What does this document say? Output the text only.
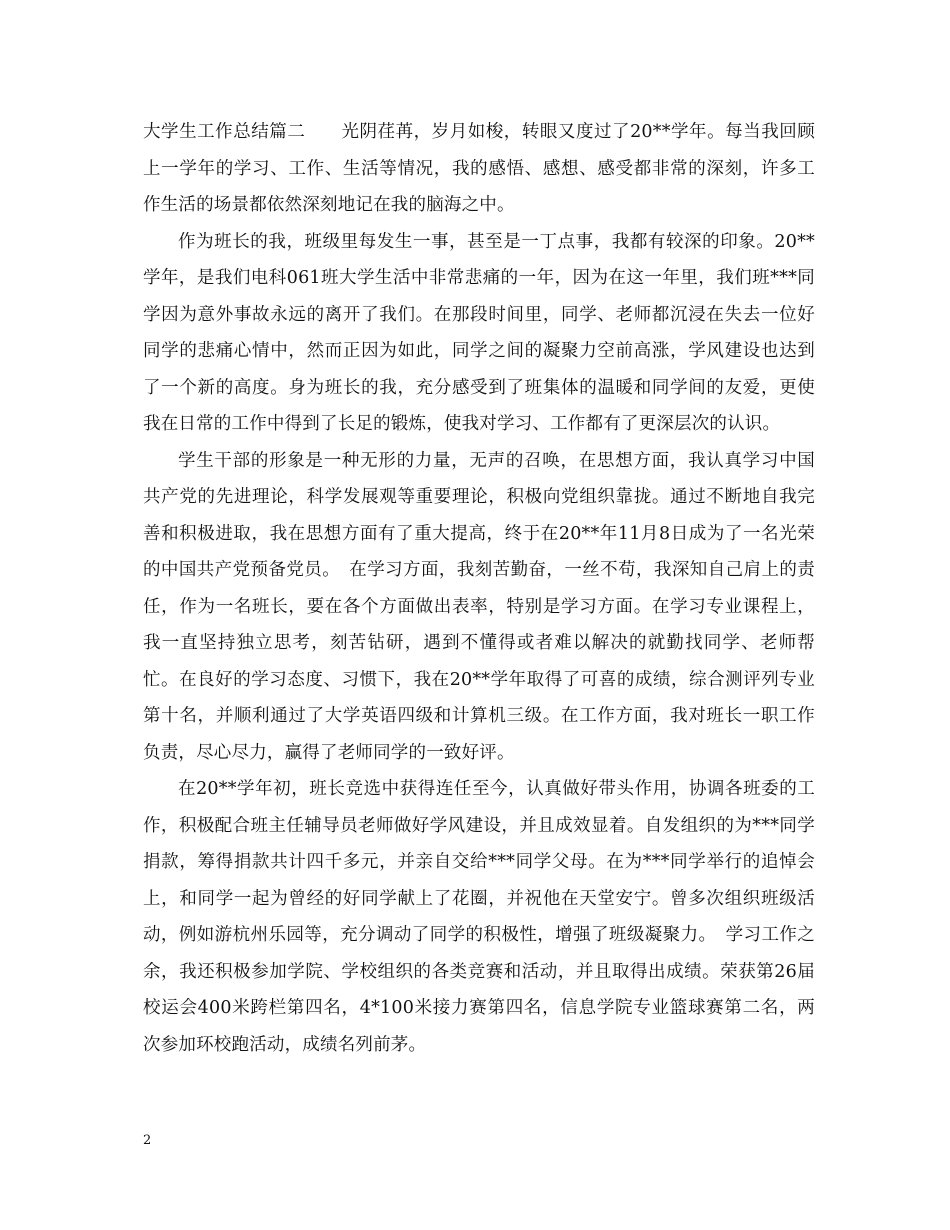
大学生工作总结篇二　　光阴荏苒，岁月如梭，转眼又度过了20**学年。每当我回顾上一学年的学习、工作、生活等情况，我的感悟、感想、感受都非常的深刻，许多工作生活的场景都依然深刻地记在我的脑海之中。

作为班长的我，班级里每发生一事，甚至是一丁点事，我都有较深的印象。20**学年，是我们电科061班大学生活中非常悲痛的一年，因为在这一年里，我们班***同学因为意外事故永远的离开了我们。在那段时间里，同学、老师都沉浸在失去一位好同学的悲痛心情中，然而正因为如此，同学之间的凝聚力空前高涨，学风建设也达到了一个新的高度。身为班长的我，充分感受到了班集体的温暖和同学间的友爱，更使我在日常的工作中得到了长足的锻炼，使我对学习、工作都有了更深层次的认识。

学生干部的形象是一种无形的力量，无声的召唤，在思想方面，我认真学习中国共产党的先进理论，科学发展观等重要理论，积极向党组织靠拢。通过不断地自我完善和积极进取，我在思想方面有了重大提高，终于在20**年11月8日成为了一名光荣的中国共产党预备党员。　在学习方面，我刻苦勤奋，一丝不苟，我深知自己肩上的责任，作为一名班长，要在各个方面做出表率，特别是学习方面。在学习专业课程上，我一直坚持独立思考，刻苦钻研，遇到不懂得或者难以解决的就勤找同学、老师帮忙。在良好的学习态度、习惯下，我在20**学年取得了可喜的成绩，综合测评列专业第十名，并顺利通过了大学英语四级和计算机三级。在工作方面，我对班长一职工作负责，尽心尽力，赢得了老师同学的一致好评。

在20**学年初，班长竞选中获得连任至今，认真做好带头作用，协调各班委的工作，积极配合班主任辅导员老师做好学风建设，并且成效显着。自发组织的为***同学捐款，筹得捐款共计四千多元，并亲自交给***同学父母。在为***同学举行的追悼会上，和同学一起为曾经的好同学献上了花圈，并祝他在天堂安宁。曾多次组织班级活动，例如游杭州乐园等，充分调动了同学的积极性，增强了班级凝聚力。　学习工作之余，我还积极参加学院、学校组织的各类竞赛和活动，并且取得出成绩。荣获第26届校运会400米跨栏第四名，4*100米接力赛第四名，信息学院专业篮球赛第二名，两次参加环校跑活动，成绩名列前茅。

2
